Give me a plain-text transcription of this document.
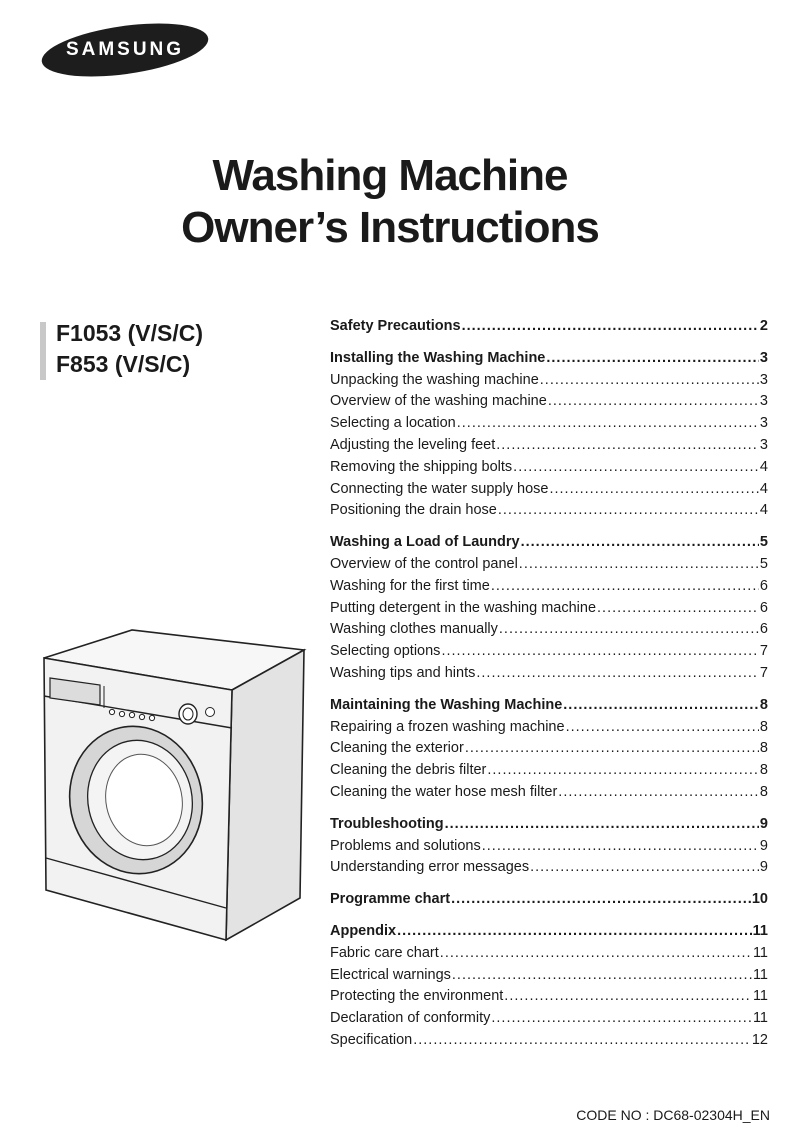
SAMSUNG
Washing Machine
Owner’s Instructions
F1053 (V/S/C)
F853 (V/S/C)
Safety Precautions .....	2
Installing the Washing Machine .....	3
Unpacking the washing machine .....	3
Overview of the washing machine .....	3
Selecting a location .....	3
Adjusting the leveling feet .....	3
Removing the shipping bolts .....	4
Connecting the water supply hose .....	4
Positioning the drain hose .....	4
Washing a Load of Laundry .....	5
Overview of the control panel .....	5
Washing for the first time .....	6
Putting detergent in the washing machine .....	6
Washing clothes manually .....	6
Selecting options .....	7
Washing tips and hints .....	7
Maintaining the Washing Machine .....	8
Repairing a frozen washing machine .....	8
Cleaning the exterior .....	8
Cleaning the debris filter .....	8
Cleaning the water hose mesh filter .....	8
Troubleshooting .....	9
Problems and solutions .....	9
Understanding error messages .....	9
Programme chart .....	10
Appendix .....	11
Fabric care chart .....	11
Electrical warnings .....	11
Protecting the environment .....	11
Declaration of conformity .....	11
Specification .....	12
CODE NO : DC68-02304H_EN
